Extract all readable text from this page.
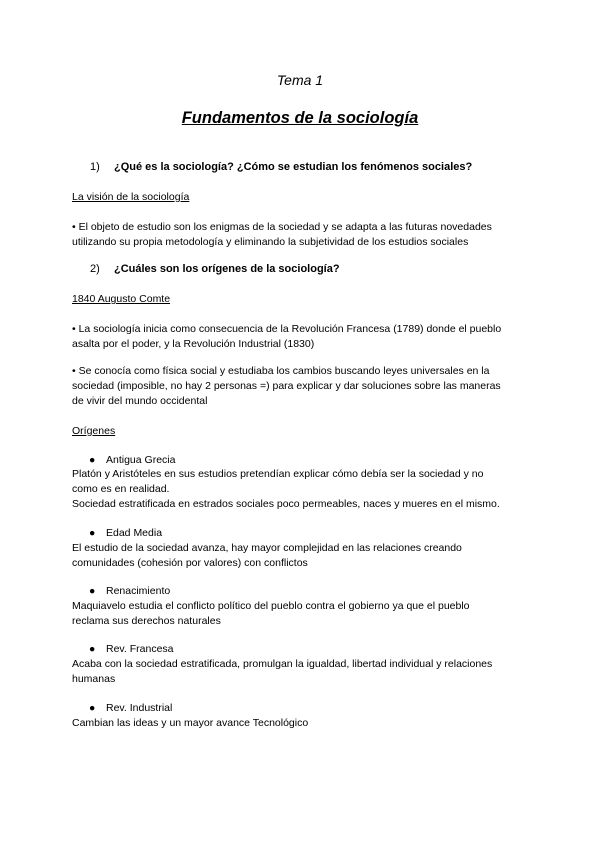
Tema 1
Fundamentos de la sociología
1) ¿Qué es la sociología? ¿Cómo se estudian los fenómenos sociales?
La visión de la sociología
• El objeto de estudio son los enigmas de la sociedad y se adapta a las futuras novedades
utilizando su propia metodología y eliminando la subjetividad de los estudios sociales
2) ¿Cuáles son los orígenes de la sociología?
1840 Augusto Comte
• La sociología inicia como consecuencia de la Revolución Francesa (1789) donde el pueblo
asalta por el poder, y la Revolución Industrial (1830)
• Se conocía como física social y estudiaba los cambios buscando leyes universales en la
sociedad (imposible, no hay 2 personas =) para explicar y dar soluciones sobre las maneras
de vivir del mundo occidental
Orígenes
● Antigua Grecia
Platón y Aristóteles en sus estudios pretendían explicar cómo debía ser la sociedad y no
como es en realidad.
Sociedad estratificada en estrados sociales poco permeables, naces y mueres en el mismo.
● Edad Media
El estudio de la sociedad avanza, hay mayor complejidad en las relaciones creando
comunidades (cohesión por valores) con conflictos
● Renacimiento
Maquiavelo estudia el conflicto político del pueblo contra el gobierno ya que el pueblo
reclama sus derechos naturales
● Rev. Francesa
Acaba con la sociedad estratificada, promulgan la igualdad, libertad individual y relaciones
humanas
● Rev. Industrial
Cambian las ideas y un mayor avance Tecnológico
